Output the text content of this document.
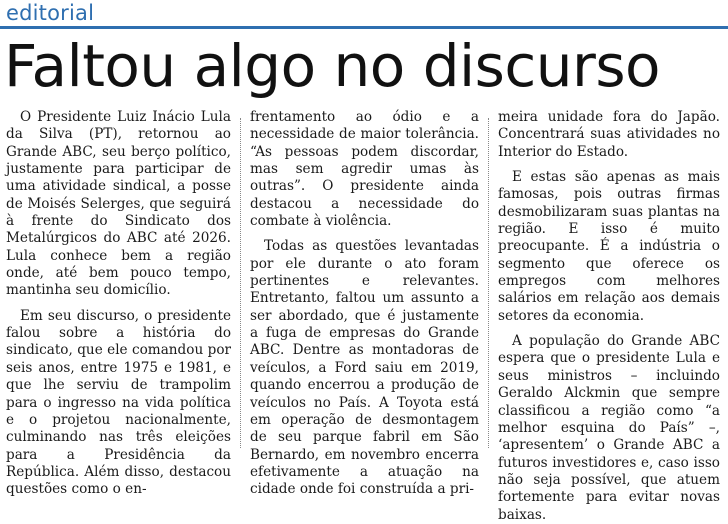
editorial
Faltou algo no discurso

O Presidente Luiz Inácio Lula da Silva (PT), retornou ao Grande ABC, seu berço político, justamente para participar de uma atividade sindical, a posse de Moisés Selerges, que seguirá à frente do Sindicato dos Metalúrgicos do ABC até 2026. Lula conhece bem a região onde, até bem pouco tempo, mantinha seu domicílio.

Em seu discurso, o presidente falou sobre a história do sindicato, que ele comandou por seis anos, entre 1975 e 1981, e que lhe serviu de trampolim para o ingresso na vida política e o projetou nacionalmente, culminando nas três eleições para a Presidência da República. Além disso, destacou questões como o en-

frentamento ao ódio e a necessidade de maior tolerância. “As pessoas podem discordar, mas sem agredir umas às outras”. O presidente ainda destacou a necessidade do combate à violência.

Todas as questões levantadas por ele durante o ato foram pertinentes e relevantes. Entretanto, faltou um assunto a ser abordado, que é justamente a fuga de empresas do Grande ABC. Dentre as montadoras de veículos, a Ford saiu em 2019, quando encerrou a produção de veículos no País. A Toyota está em operação de desmontagem de seu parque fabril em São Bernardo, em novembro encerra efetivamente a atuação na cidade onde foi construída a pri-

meira unidade fora do Japão. Concentrará suas atividades no Interior do Estado.

E estas são apenas as mais famosas, pois outras firmas desmobilizaram suas plantas na região. E isso é muito preocupante. É a indústria o segmento que oferece os empregos com melhores salários em relação aos demais setores da economia.

A população do Grande ABC espera que o presidente Lula e seus ministros – incluindo Geraldo Alckmin que sempre classificou a região como “a melhor esquina do País” –, ‘apresentem’ o Grande ABC a futuros investidores e, caso isso não seja possível, que atuem fortemente para evitar novas baixas.
